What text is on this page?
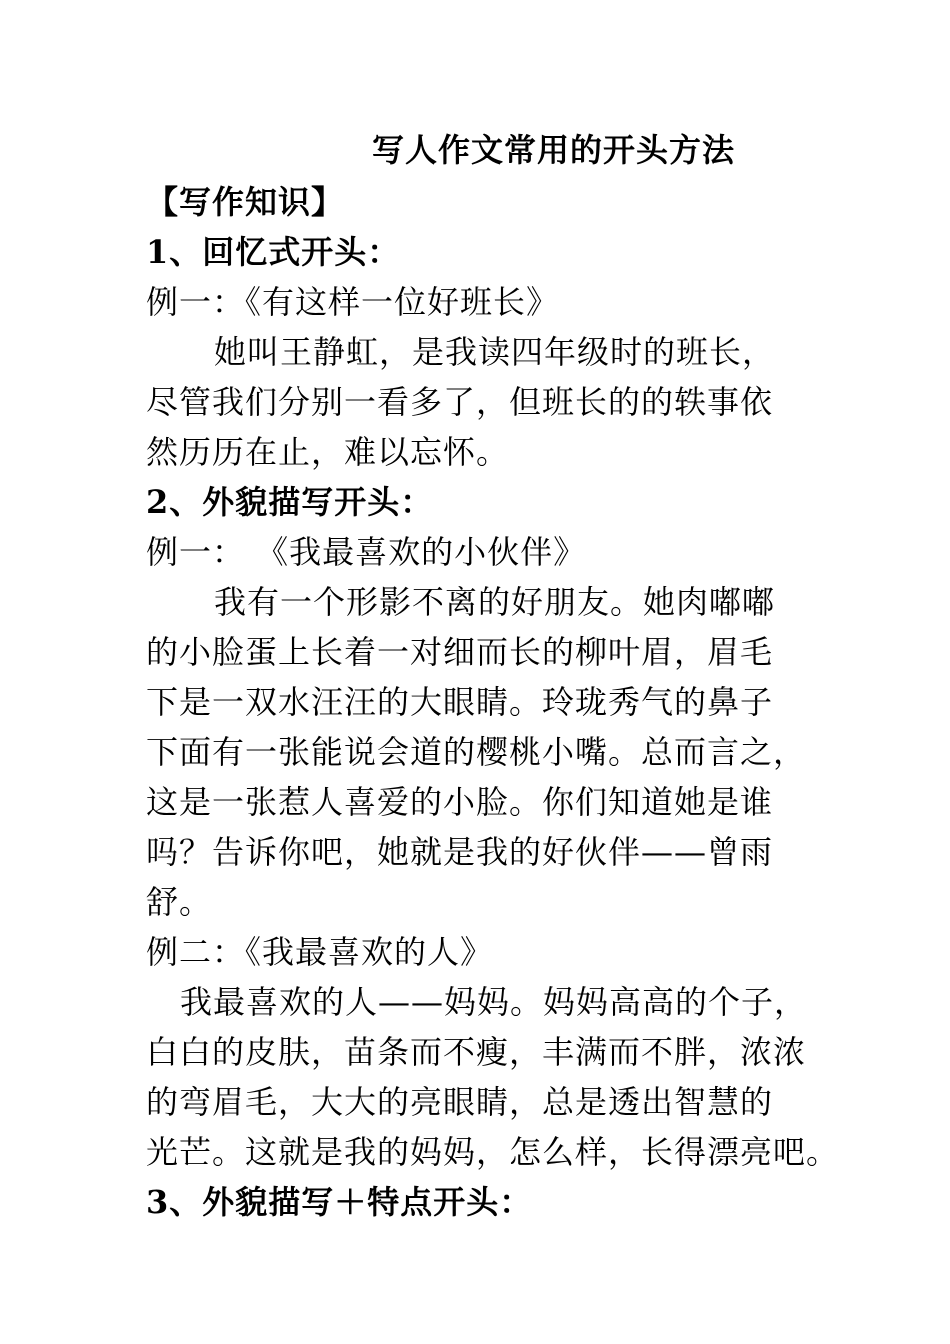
写人作文常用的开头方法
【写作知识】
1、回忆式开头：
例一：《有这样一位好班长》
她叫王静虹，是我读四年级时的班长，
尽管我们分别一看多了，但班长的的轶事依
然历历在止，难以忘怀。
2、外貌描写开头：
例一： 《我最喜欢的小伙伴》
我有一个形影不离的好朋友。她肉嘟嘟
的小脸蛋上长着一对细而长的柳叶眉，眉毛
下是一双水汪汪的大眼睛。玲珑秀气的鼻子
下面有一张能说会道的樱桃小嘴。总而言之，
这是一张惹人喜爱的小脸。你们知道她是谁
吗？告诉你吧，她就是我的好伙伴——曾雨
舒。
例二：《我最喜欢的人》
我最喜欢的人——妈妈。妈妈高高的个子，
白白的皮肤，苗条而不瘦，丰满而不胖，浓浓
的弯眉毛，大大的亮眼睛，总是透出智慧的
光芒。这就是我的妈妈，怎么样，长得漂亮吧。
3、外貌描写＋特点开头：
